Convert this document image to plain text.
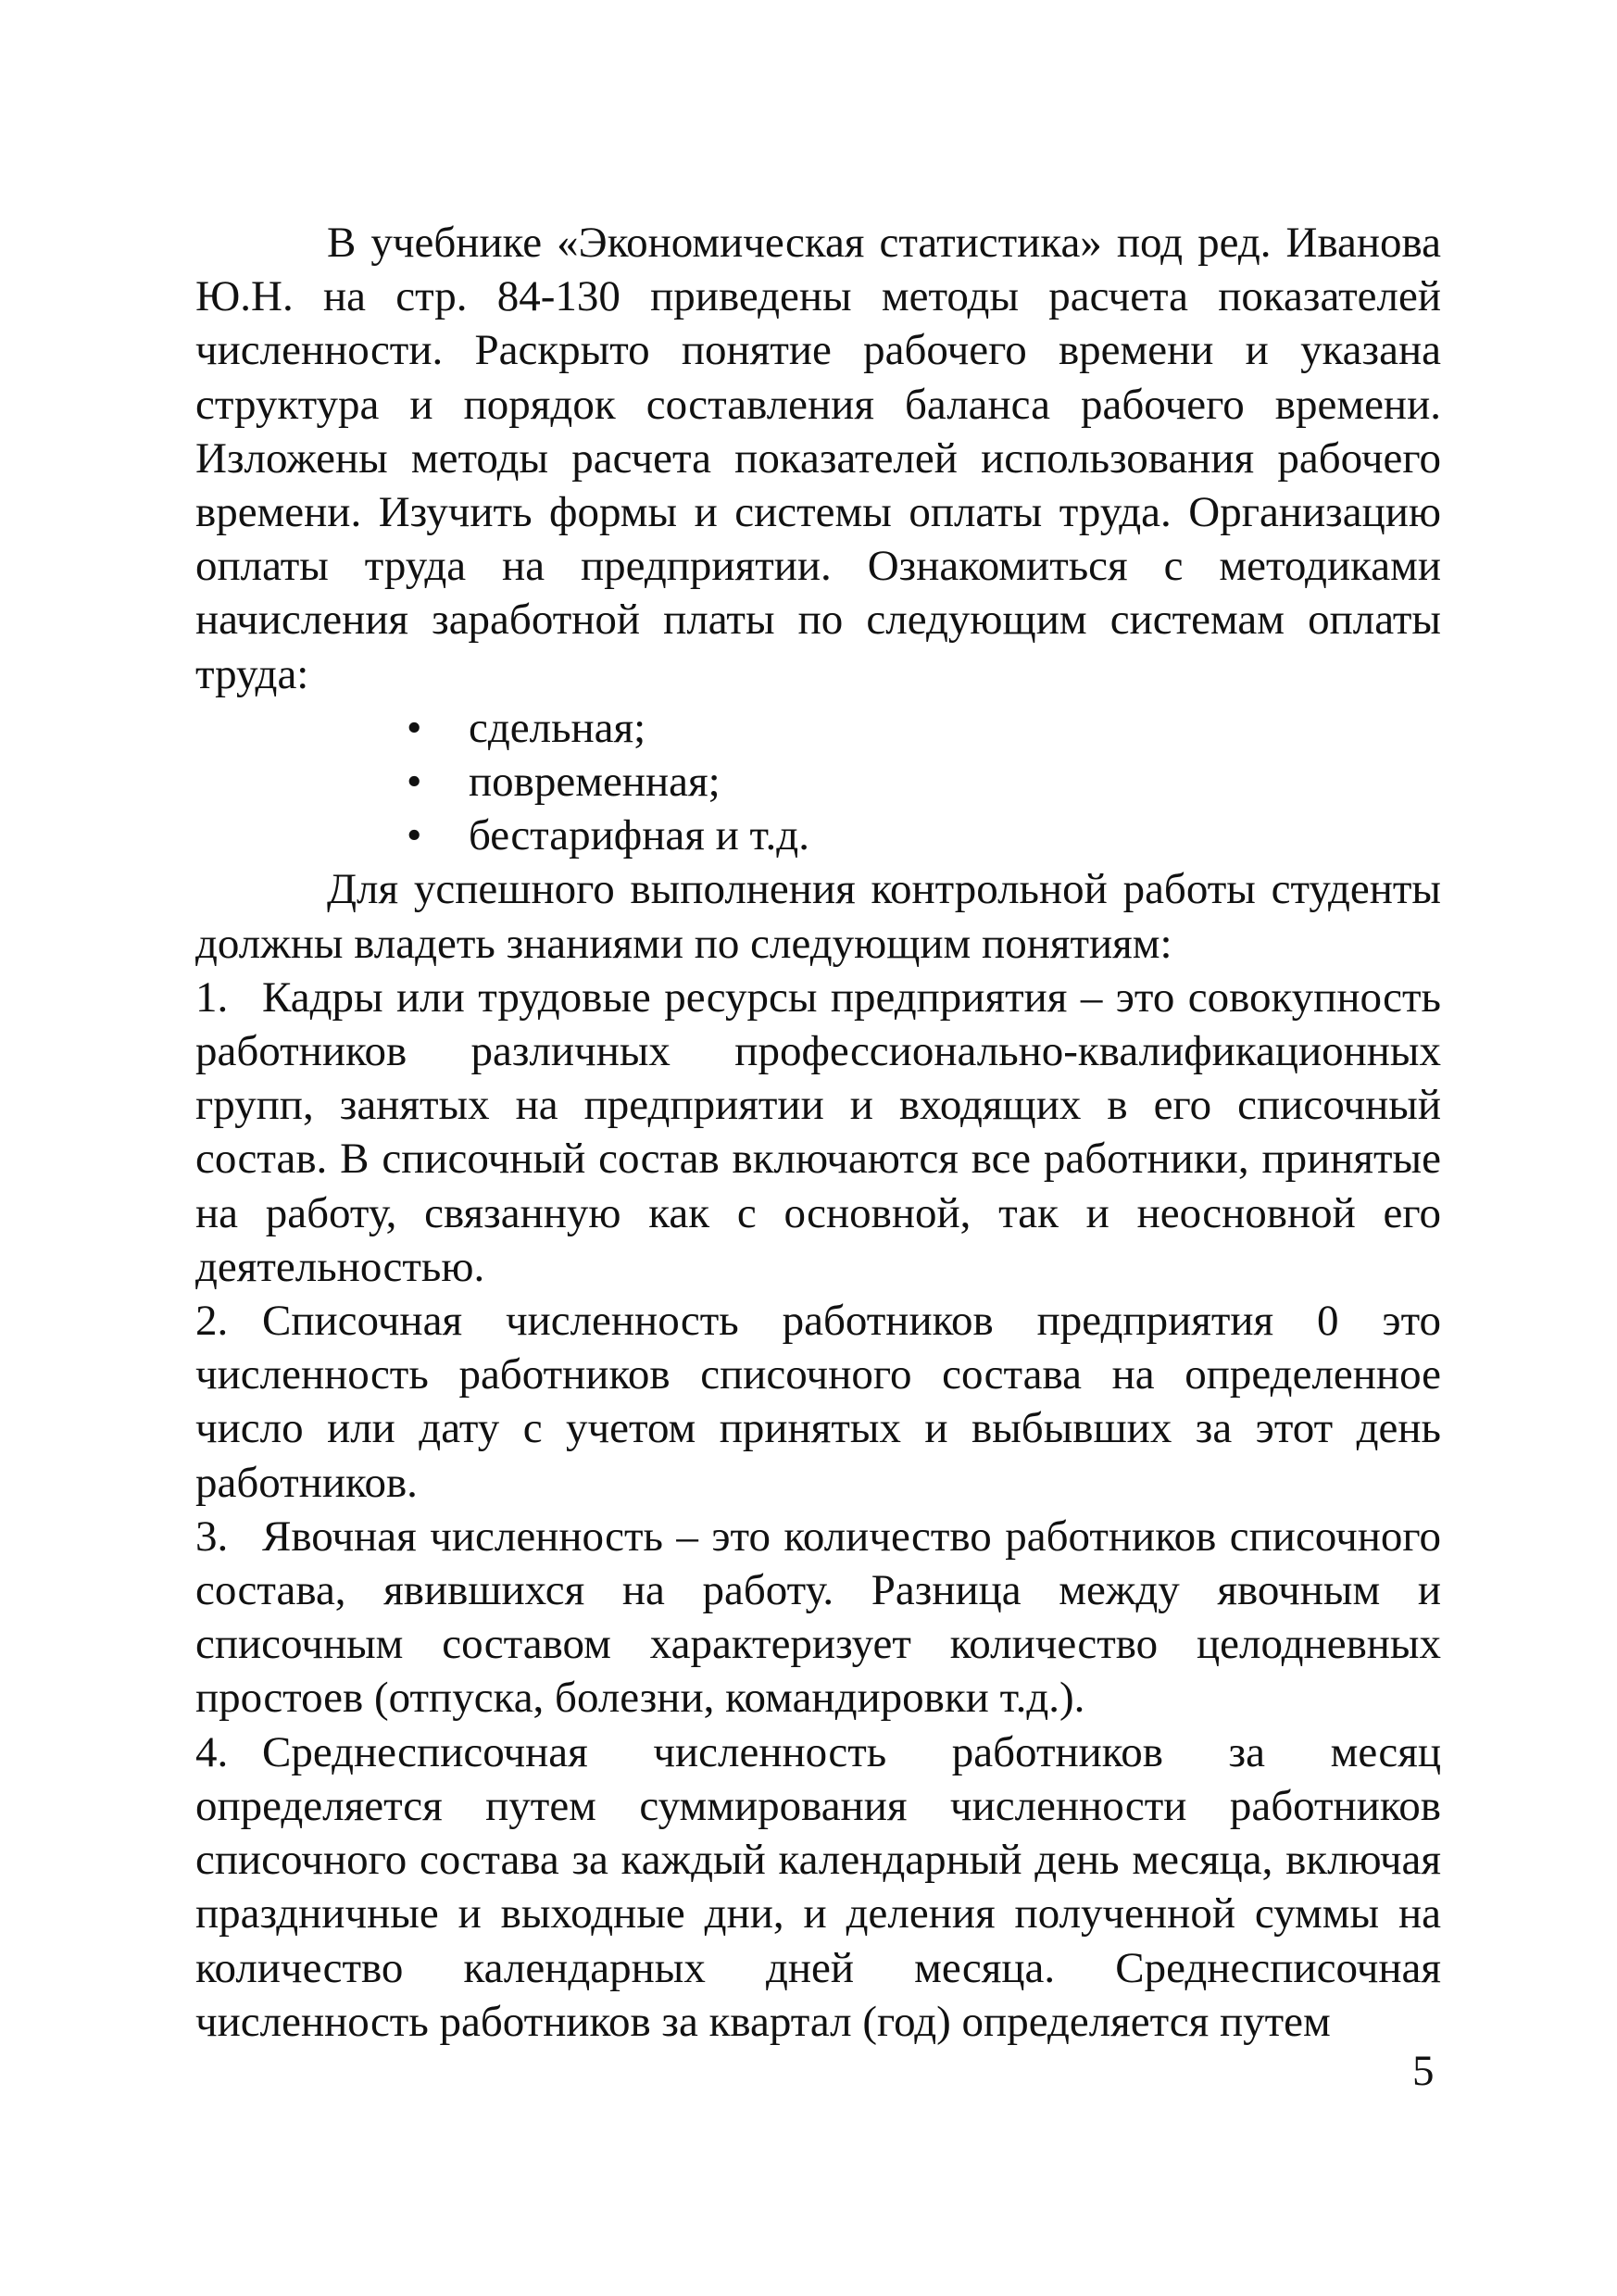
В учебнике «Экономическая статистика» под ред. Иванова Ю.Н. на стр. 84-130 приведены методы расчета показателей численности. Раскрыто понятие рабочего времени и указана структура и порядок составления баланса рабочего времени. Изложены методы расчета показателей использования рабочего времени. Изучить формы и системы оплаты труда. Организацию оплаты труда на предприятии. Ознакомиться с методиками начисления заработной платы по следующим системам оплаты труда:

• сдельная;
• повременная;
• бестарифная и т.д.

Для успешного выполнения контрольной работы студенты должны владеть знаниями по следующим понятиям:

1. Кадры или трудовые ресурсы предприятия – это совокупность работников различных профессионально-квалификационных групп, занятых на предприятии и входящих в его списочный состав. В списочный состав включаются все работники, принятые на работу, связанную как с основной, так и неосновной его деятельностью.

2. Списочная численность работников предприятия 0 это численность работников списочного состава на определенное число или дату с учетом принятых и выбывших за этот день работников.

3. Явочная численность – это количество работников списочного состава, явившихся на работу. Разница между явочным и списочным составом характеризует количество целодневных простоев (отпуска, болезни, командировки т.д.).

4. Среднесписочная численность работников за месяц определяется путем суммирования численности работников списочного состава за каждый календарный день месяца, включая праздничные и выходные дни, и деления полученной суммы на количество календарных дней месяца. Среднесписочная численность работников за квартал (год) определяется путем

5
